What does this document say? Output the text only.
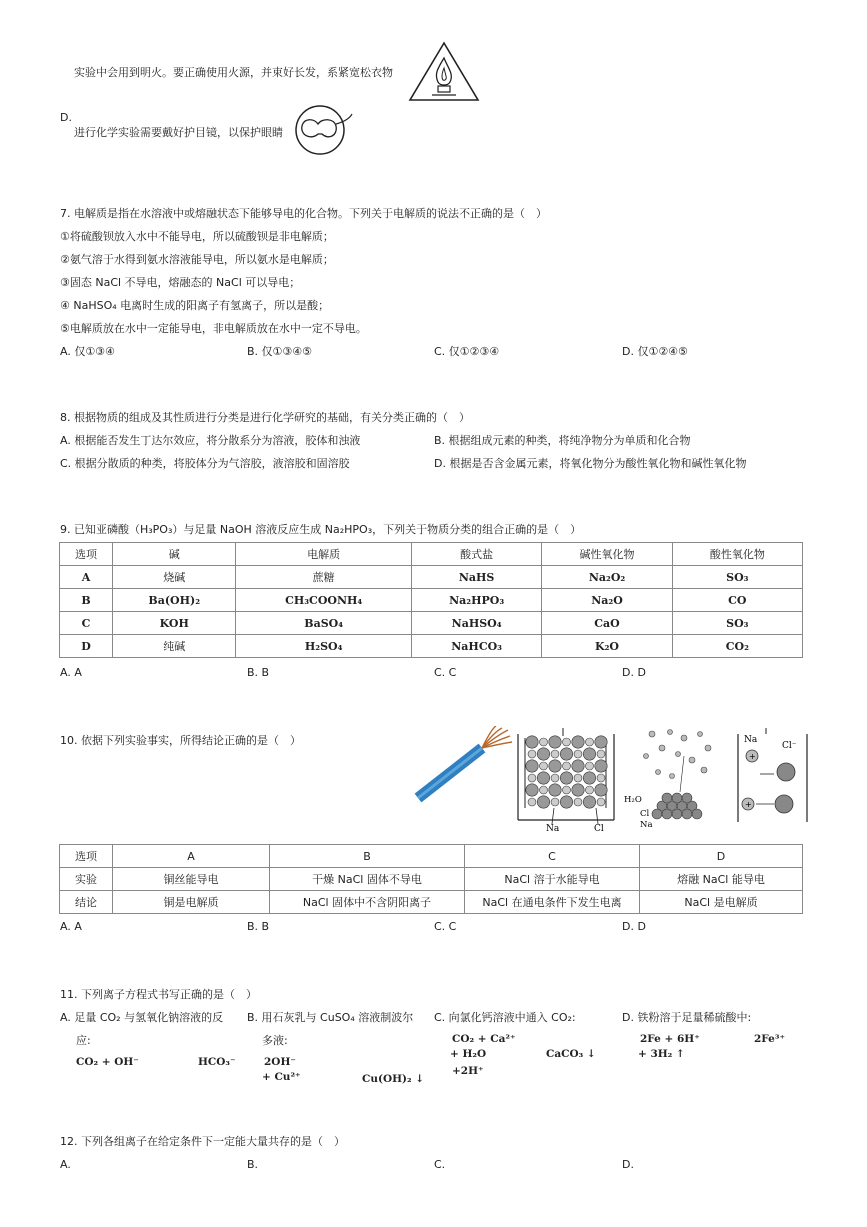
实验中会用到明火。要正确使用火源，并束好长发，系紧宽松衣物
D.
进行化学实验需要戴好护目镜，以保护眼睛
7. 电解质是指在水溶液中或熔融状态下能够导电的化合物。下列关于电解质的说法不正确的是（　）
①将硫酸钡放入水中不能导电，所以硫酸钡是非电解质；
②氨气溶于水得到氨水溶液能导电，所以氨水是电解质；
③固态 NaCl 不导电，熔融态的 NaCl 可以导电；
④ NaHSO₄ 电离时生成的阳离子有氢离子，所以是酸；
⑤电解质放在水中一定能导电，非电解质放在水中一定不导电。
A. 仅①③④	B. 仅①③④⑤	C. 仅①②③④	D. 仅①②④⑤
8. 根据物质的组成及其性质进行分类是进行化学研究的基础，有关分类正确的（　）
A. 根据能否发生丁达尔效应，将分散系分为溶液，胶体和浊液	B. 根据组成元素的种类，将纯净物分为单质和化合物
C. 根据分散质的种类，将胶体分为气溶胶，液溶胶和固溶胶	D. 根据是否含金属元素，将氧化物分为酸性氧化物和碱性氧化物
9. 已知亚磷酸（H₃PO₃）与足量 NaOH 溶液反应生成 Na₂HPO₃，下列关于物质分类的组合正确的是（　）
选项	碱	电解质	酸式盐	碱性氧化物	酸性氧化物
A	烧碱	蔗糖	NaHS	Na₂O₂	SO₃
B	Ba(OH)₂	CH₃COONH₄	Na₂HPO₃	Na₂O	CO
C	KOH	BaSO₄	NaHSO₄	CaO	SO₃
D	纯碱	H₂SO₄	NaHCO₃	K₂O	CO₂
A. A	B. B	C. C	D. D
10. 依据下列实验事实，所得结论正确的是（　）
Na	Cl
H₂O
Cl
Na
Na
Cl⁻
+
+
选项	A	B	C	D
实验	铜丝能导电	干燥 NaCl 固体不导电	NaCl 溶于水能导电	熔融 NaCl 能导电
结论	铜是电解质	NaCl 固体中不含阴阳离子	NaCl 在通电条件下发生电离	NaCl 是电解质
A. A	B. B	C. C	D. D
11. 下列离子方程式书写正确的是（　）
A. 足量 CO₂ 与氢氧化钠溶液的反
应:
CO₂ + OH⁻	HCO₃⁻
B. 用石灰乳与 CuSO₄ 溶液制波尔
多液:
2OH⁻
+ Cu²⁺	Cu(OH)₂ ↓
C. 向氯化钙溶液中通入 CO₂:
CO₂ + Ca²⁺
+ H₂O	CaCO₃ ↓
+2H⁺
D. 铁粉溶于足量稀硫酸中:
2Fe + 6H⁺	2Fe³⁺
+ 3H₂ ↑
12. 下列各组离子在给定条件下一定能大量共存的是（　）
A.	B.	C.	D.
